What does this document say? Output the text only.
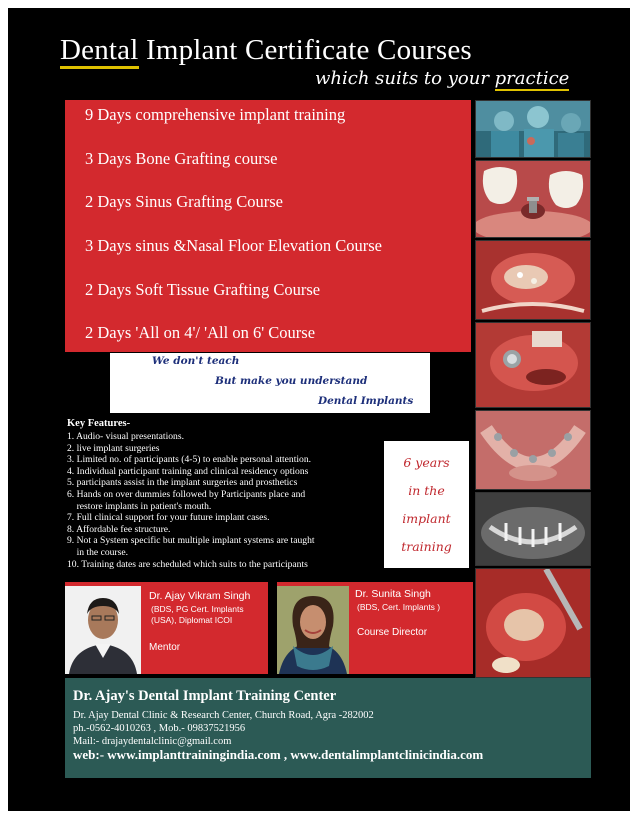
Dental Implant Certificate Courses
which suits to your practice
9 Days comprehensive implant training
3 Days Bone Grafting course
2 Days Sinus Grafting Course
3 Days sinus &Nasal Floor Elevation Course
2 Days Soft Tissue Grafting Course
2 Days 'All on 4'/ 'All on 6' Course
We don't teach
But make you understand
Dental Implants
Key Features-
1. Audio- visual presentations.
2. live implant surgeries
3. Limited no. of participants (4-5) to enable personal attention.
4. Individual participant training and clinical residency options
5. participants assist in the implant surgeries and prosthetics
6. Hands on over dummies followed by Participants place and
restore implants in patient's mouth.
7. Full clinical support for your future implant cases.
8. Affordable fee structure.
9. Not a System specific but multiple implant systems are taught
in the course.
10. Training dates are scheduled which suits to the participants
6 years
in the
implant
training
Dr. Ajay Vikram Singh
(BDS, PG Cert. Implants
(USA), Diplomat ICOI
Mentor
Dr. Sunita Singh
(BDS, Cert. Implants )
Course Director
Dr. Ajay's Dental Implant Training Center
Dr. Ajay Dental Clinic & Research Center, Church Road, Agra -282002
ph.-0562-4010263 , Mob.- 09837521956
Mail:- drajaydentalclinic@gmail.com
web:- www.implanttrainingindia.com , www.dentalimplantclinicindia.com
